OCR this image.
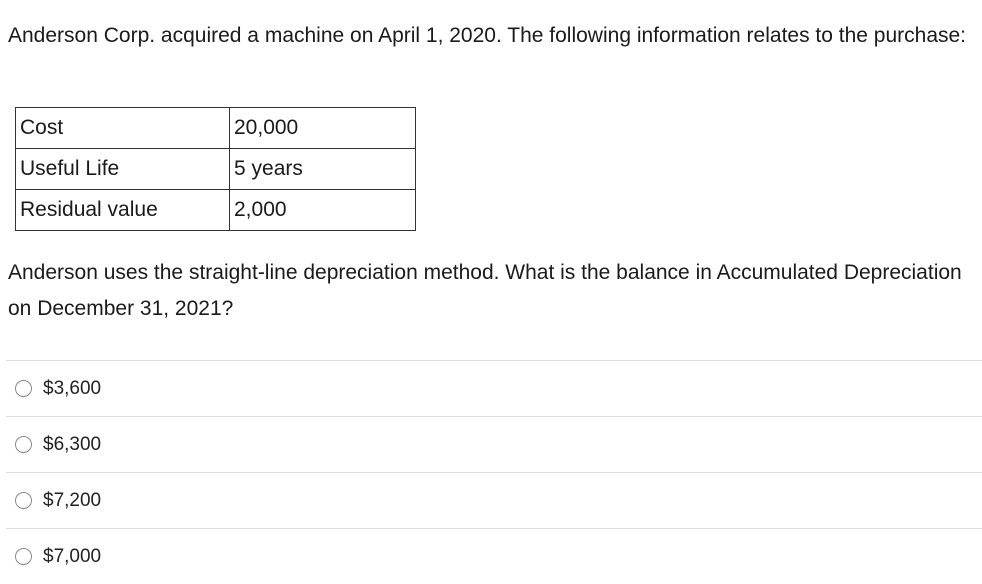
Anderson Corp. acquired a machine on April 1, 2020. The following information relates to the purchase:

Cost	20,000
Useful Life	5 years
Residual value	2,000

Anderson uses the straight-line depreciation method. What is the balance in Accumulated Depreciation on December 31, 2021?

$3,600
$6,300
$7,200
$7,000
